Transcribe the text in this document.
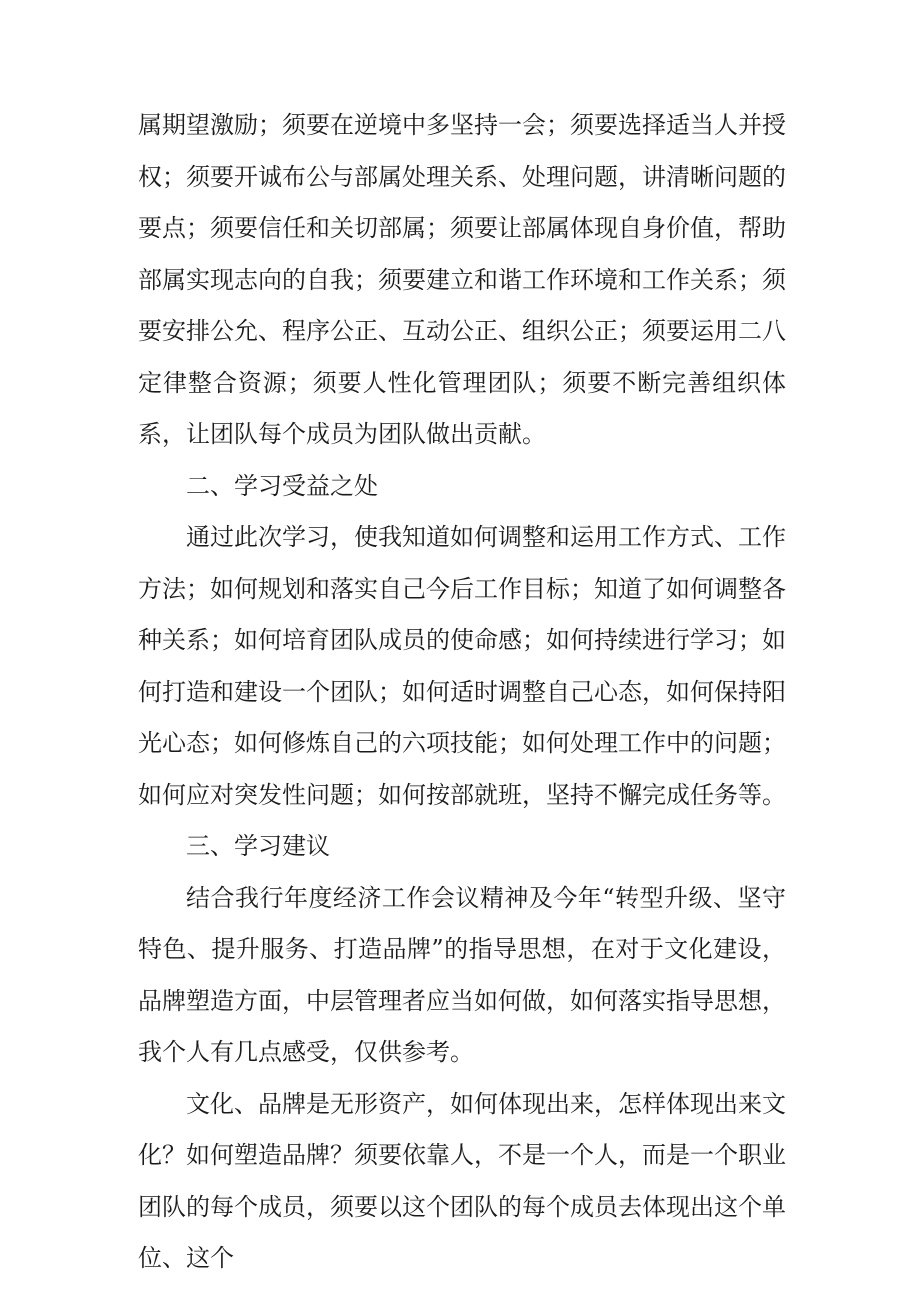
属期望激励；须要在逆境中多坚持一会；须要选择适当人并授权；须要开诚布公与部属处理关系、处理问题，讲清晰问题的要点；须要信任和关切部属；须要让部属体现自身价值，帮助部属实现志向的自我；须要建立和谐工作环境和工作关系；须要安排公允、程序公正、互动公正、组织公正；须要运用二八定律整合资源；须要人性化管理团队；须要不断完善组织体系，让团队每个成员为团队做出贡献。

二、学习受益之处

通过此次学习，使我知道如何调整和运用工作方式、工作方法；如何规划和落实自己今后工作目标；知道了如何调整各种关系；如何培育团队成员的使命感；如何持续进行学习；如何打造和建设一个团队；如何适时调整自己心态，如何保持阳光心态；如何修炼自己的六项技能；如何处理工作中的问题；如何应对突发性问题；如何按部就班，坚持不懈完成任务等。

三、学习建议

结合我行年度经济工作会议精神及今年“转型升级、坚守特色、提升服务、打造品牌”的指导思想，在对于文化建设，品牌塑造方面，中层管理者应当如何做，如何落实指导思想，我个人有几点感受，仅供参考。

文化、品牌是无形资产，如何体现出来，怎样体现出来文化？如何塑造品牌？须要依靠人，不是一个人，而是一个职业团队的每个成员，须要以这个团队的每个成员去体现出这个单位、这个
